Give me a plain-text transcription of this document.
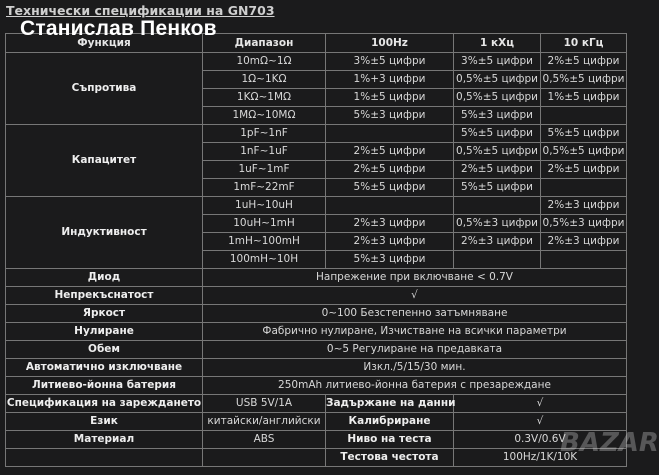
Технически спецификации на GN703
Станислав Пенков
BAZAR
Функция	Диапазон	100Hz	1 кХц	10 кГц
Съпротива	10mΩ~1Ω	3%±5 цифри	3%±5 цифри	2%±5 цифри
	1Ω~1KΩ	1%+3 цифри	0,5%±5 цифри	0,5%±5 цифри
	1KΩ~1MΩ	1%±5 цифри	0,5%±5 цифри	1%±5 цифри
	1MΩ~10MΩ	5%±3 цифри	5%±3 цифри	
Капацитет	1pF~1nF		5%±5 цифри	5%±5 цифри
	1nF~1uF	2%±5 цифри	0,5%±5 цифри	0,5%±5 цифри
	1uF~1mF	2%±5 цифри	2%±5 цифри	2%±5 цифри
	1mF~22mF	5%±5 цифри	5%±5 цифри	
Индуктивност	1uH~10uH			2%±3 цифри
	10uH~1mH	2%±3 цифри	0,5%±3 цифри	0,5%±3 цифри
	1mH~100mH	2%±3 цифри	2%±3 цифри	2%±3 цифри
	100mH~10H	5%±3 цифри		
Диод	Напрежение при включване < 0.7V			
Непрекъснатост	√			
Яркост	0~100 Безстепенно затъмняване			
Нулиране	Фабрично нулиране, Изчистване на всички параметри			
Обем	0~5 Регулиране на предавката			
Автоматично изключване	Изкл./5/15/30 мин.			
Литиево-йонна батерия	250mAh литиево-йонна батерия с презареждане			
Спецификация на зареждането	USB 5V/1A	Задържане на данни	√	
Език	китайски/английски	Калибриране	√	
Материал	ABS	Ниво на теста	0.3V/0.6V	
		Тестова честота	100Hz/1K/10K	
